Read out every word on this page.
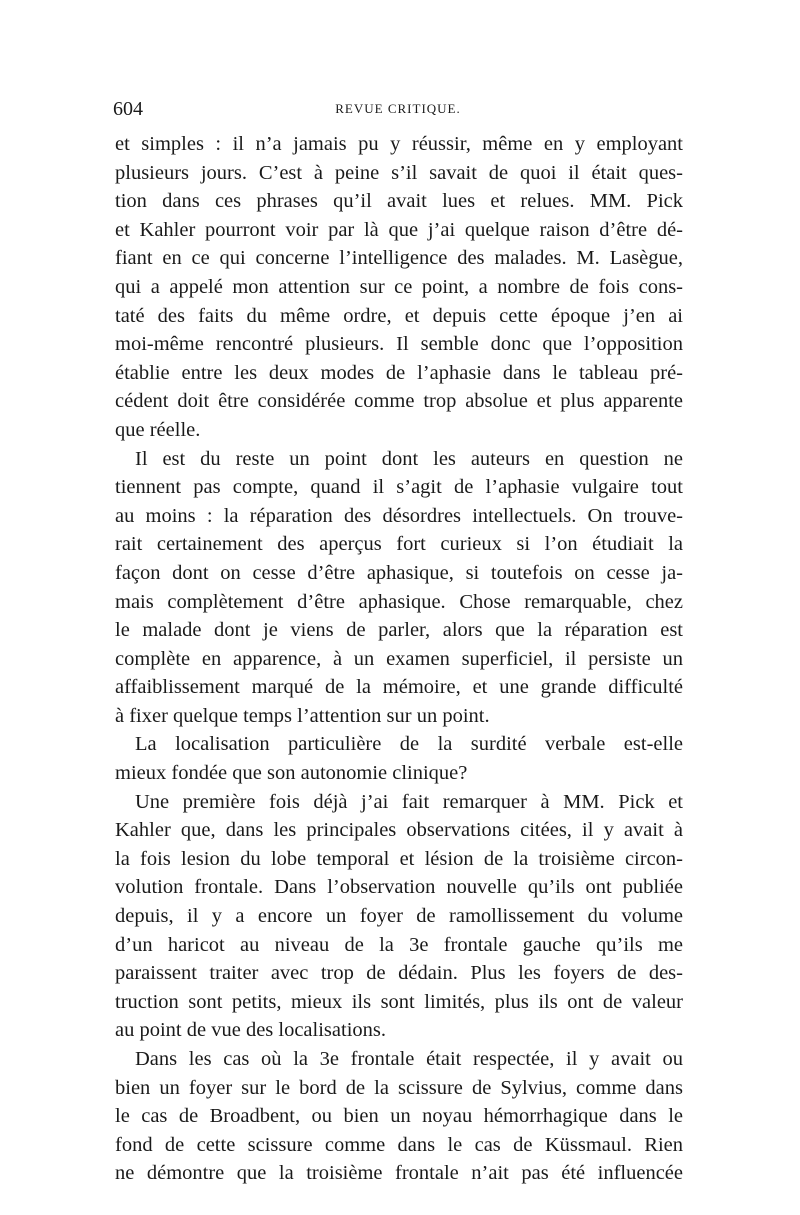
604	REVUE CRITIQUE.
et simples : il n’a jamais pu y réussir, même en y employant
plusieurs jours. C’est à peine s’il savait de quoi il était ques-
tion dans ces phrases qu’il avait lues et relues. MM. Pick
et Kahler pourront voir par là que j’ai quelque raison d’être dé-
fiant en ce qui concerne l’intelligence des malades. M. Lasègue,
qui a appelé mon attention sur ce point, a nombre de fois cons-
taté des faits du même ordre, et depuis cette époque j’en ai
moi-même rencontré plusieurs. Il semble donc que l’opposition
établie entre les deux modes de l’aphasie dans le tableau pré-
cédent doit être considérée comme trop absolue et plus apparente
que réelle.
Il est du reste un point dont les auteurs en question ne
tiennent pas compte, quand il s’agit de l’aphasie vulgaire tout
au moins : la réparation des désordres intellectuels. On trouve-
rait certainement des aperçus fort curieux si l’on étudiait la
façon dont on cesse d’être aphasique, si toutefois on cesse ja-
mais complètement d’être aphasique. Chose remarquable, chez
le malade dont je viens de parler, alors que la réparation est
complète en apparence, à un examen superficiel, il persiste un
affaiblissement marqué de la mémoire, et une grande difficulté
à fixer quelque temps l’attention sur un point.
La localisation particulière de la surdité verbale est-elle
mieux fondée que son autonomie clinique?
Une première fois déjà j’ai fait remarquer à MM. Pick et
Kahler que, dans les principales observations citées, il y avait à
la fois lesion du lobe temporal et lésion de la troisième circon-
volution frontale. Dans l’observation nouvelle qu’ils ont publiée
depuis, il y a encore un foyer de ramollissement du volume
d’un haricot au niveau de la 3e frontale gauche qu’ils me
paraissent traiter avec trop de dédain. Plus les foyers de des-
truction sont petits, mieux ils sont limités, plus ils ont de valeur
au point de vue des localisations.
Dans les cas où la 3e frontale était respectée, il y avait ou
bien un foyer sur le bord de la scissure de Sylvius, comme dans
le cas de Broadbent, ou bien un noyau hémorrhagique dans le
fond de cette scissure comme dans le cas de Küssmaul. Rien
ne démontre que la troisième frontale n’ait pas été influencée
